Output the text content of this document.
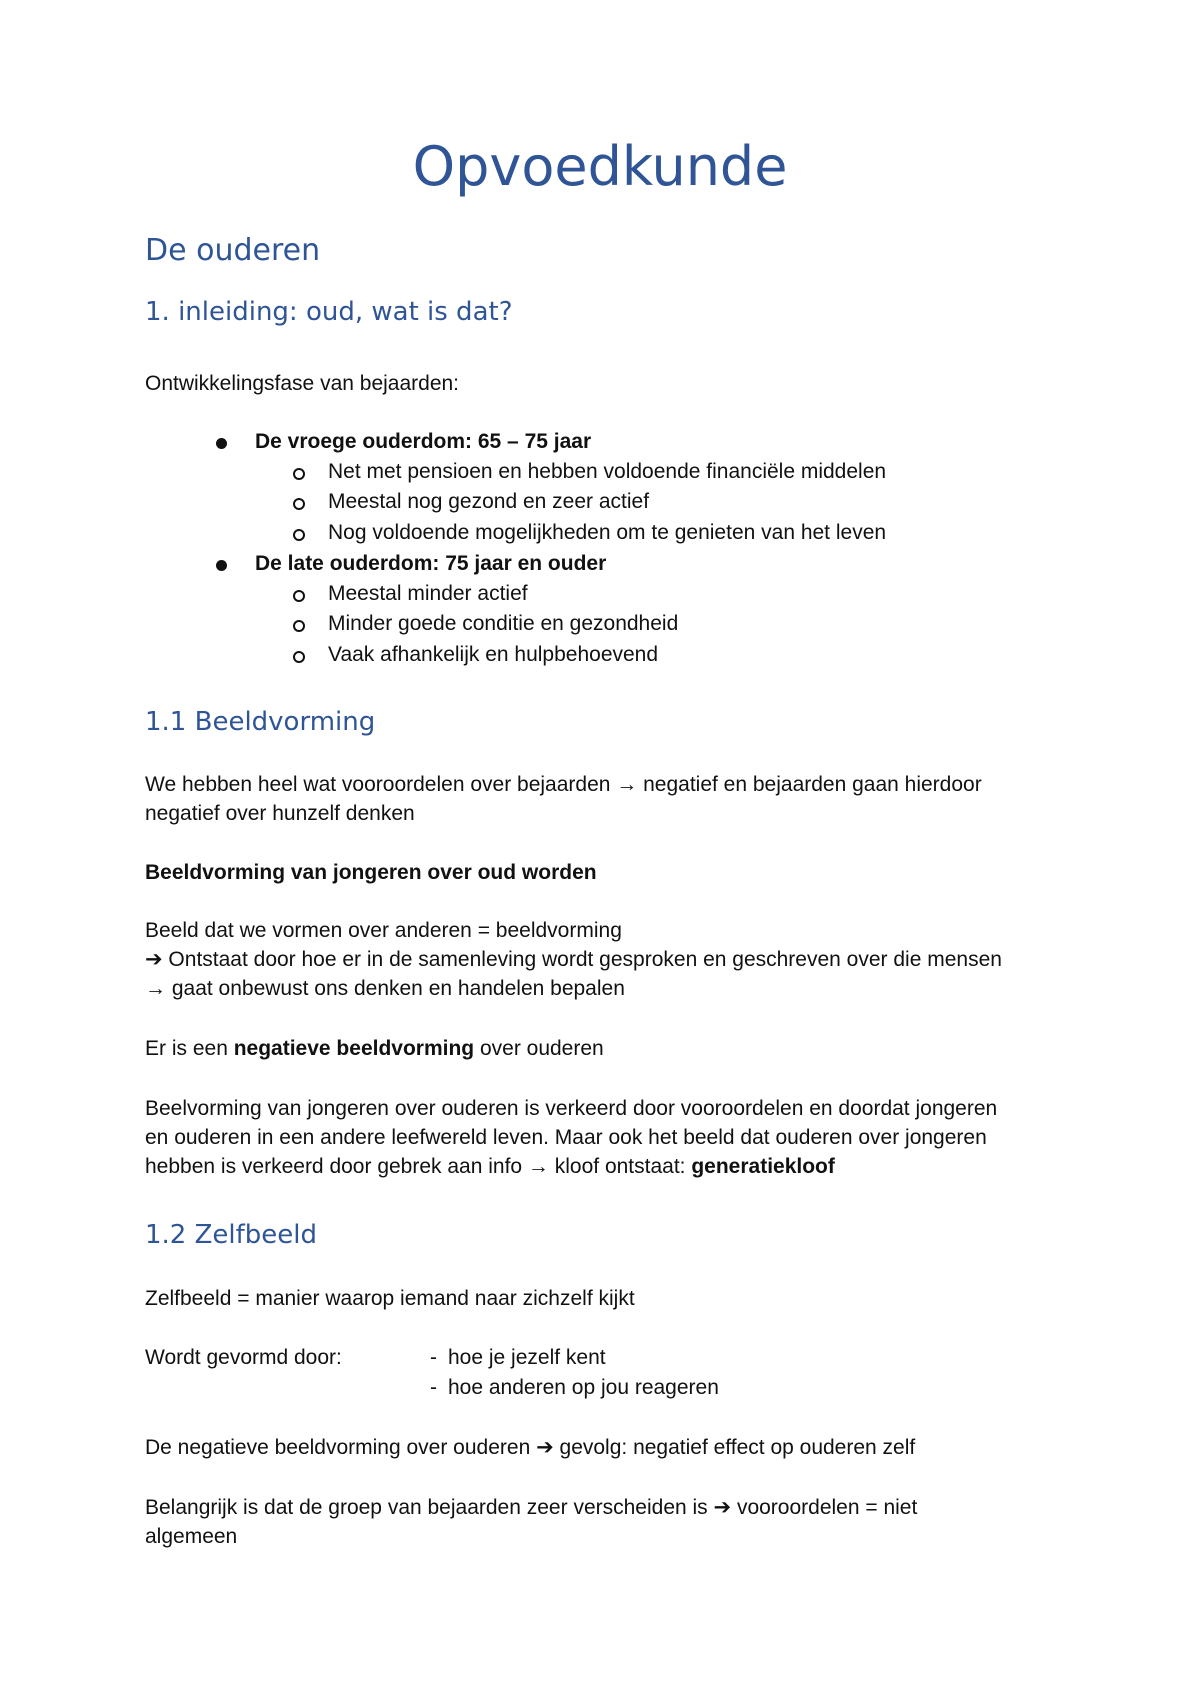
Opvoedkunde
De ouderen
1. inleiding: oud, wat is dat?

Ontwikkelingsfase van bejaarden:

De vroege ouderdom: 65 – 75 jaar
Net met pensioen en hebben voldoende financiële middelen
Meestal nog gezond en zeer actief
Nog voldoende mogelijkheden om te genieten van het leven
De late ouderdom: 75 jaar en ouder
Meestal minder actief
Minder goede conditie en gezondheid
Vaak afhankelijk en hulpbehoevend
1.1 Beeldvorming
We hebben heel wat vooroordelen over bejaarden → negatief en bejaarden gaan hierdoor
negatief over hunzelf denken

Beeldvorming van jongeren over oud worden

Beeld dat we vormen over anderen = beeldvorming
➔ Ontstaat door hoe er in de samenleving wordt gesproken en geschreven over die mensen
→ gaat onbewust ons denken en handelen bepalen

Er is een negatieve beeldvorming over ouderen

Beelvorming van jongeren over ouderen is verkeerd door vooroordelen en doordat jongeren
en ouderen in een andere leefwereld leven. Maar ook het beeld dat ouderen over jongeren
hebben is verkeerd door gebrek aan info → kloof ontstaat: generatiekloof
1.2 Zelfbeeld

Zelfbeeld = manier waarop iemand naar zichzelf kijkt

Wordt gevormd door:	- hoe je jezelf kent
- hoe anderen op jou reageren

De negatieve beeldvorming over ouderen ➔ gevolg: negatief effect op ouderen zelf

Belangrijk is dat de groep van bejaarden zeer verscheiden is ➔ vooroordelen = niet
algemeen
